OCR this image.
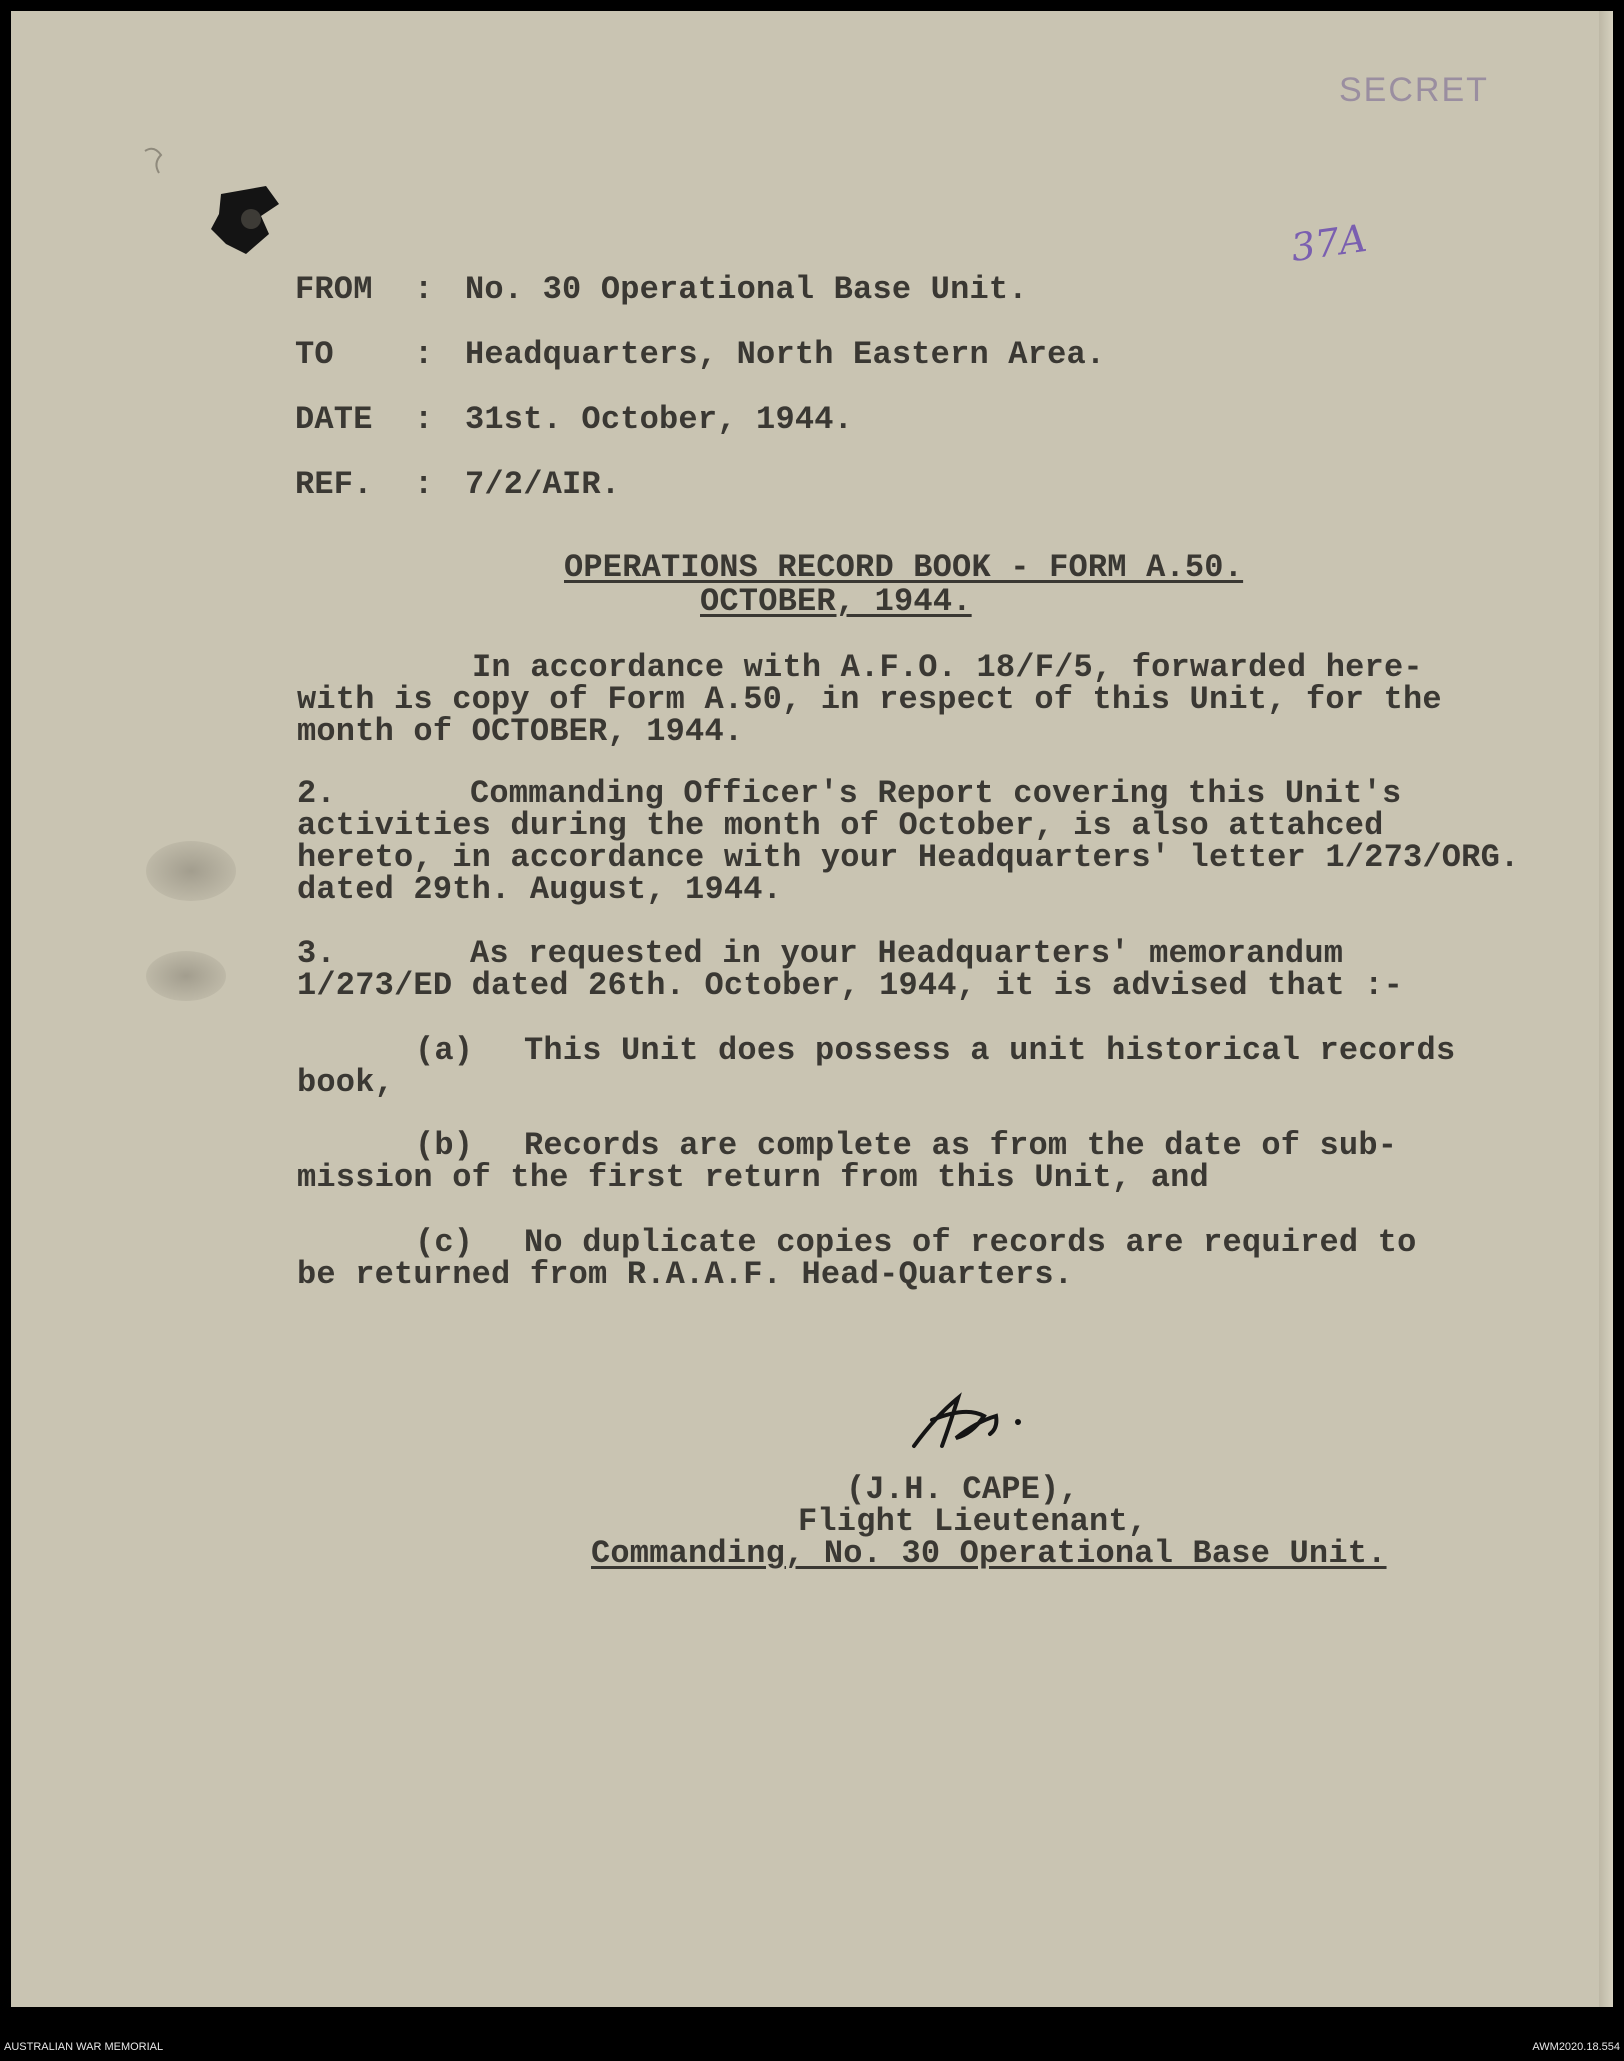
SECRET
37A
FROM : No. 30 Operational Base Unit.
TO	: Headquarters, North Eastern Area.
DATE : 31st. October, 1944.
REF. : 7/2/AIR.
OPERATIONS RECORD BOOK - FORM A.50.
OCTOBER, 1944.
In accordance with A.F.O. 18/F/5, forwarded here-
with is copy of Form A.50, in respect of this Unit, for the
month of OCTOBER, 1944.
2.	Commanding Officer's Report covering this Unit's
activities during the month of October, is also attahced
hereto, in accordance with your Headquarters' letter 1/273/ORG.
dated 29th. August, 1944.
3.	As requested in your Headquarters' memorandum
1/273/ED dated 26th. October, 1944, it is advised that :-
(a) This Unit does possess a unit historical records
book,
(b) Records are complete as from the date of sub-
mission of the first return from this Unit, and
(c) No duplicate copies of records are required to
be returned from R.A.A.F. Head-Quarters.
(J.H. CAPE),
Flight Lieutenant,
Commanding, No. 30 Operational Base Unit.
AUSTRALIAN WAR MEMORIAL	AWM2020.18.554
